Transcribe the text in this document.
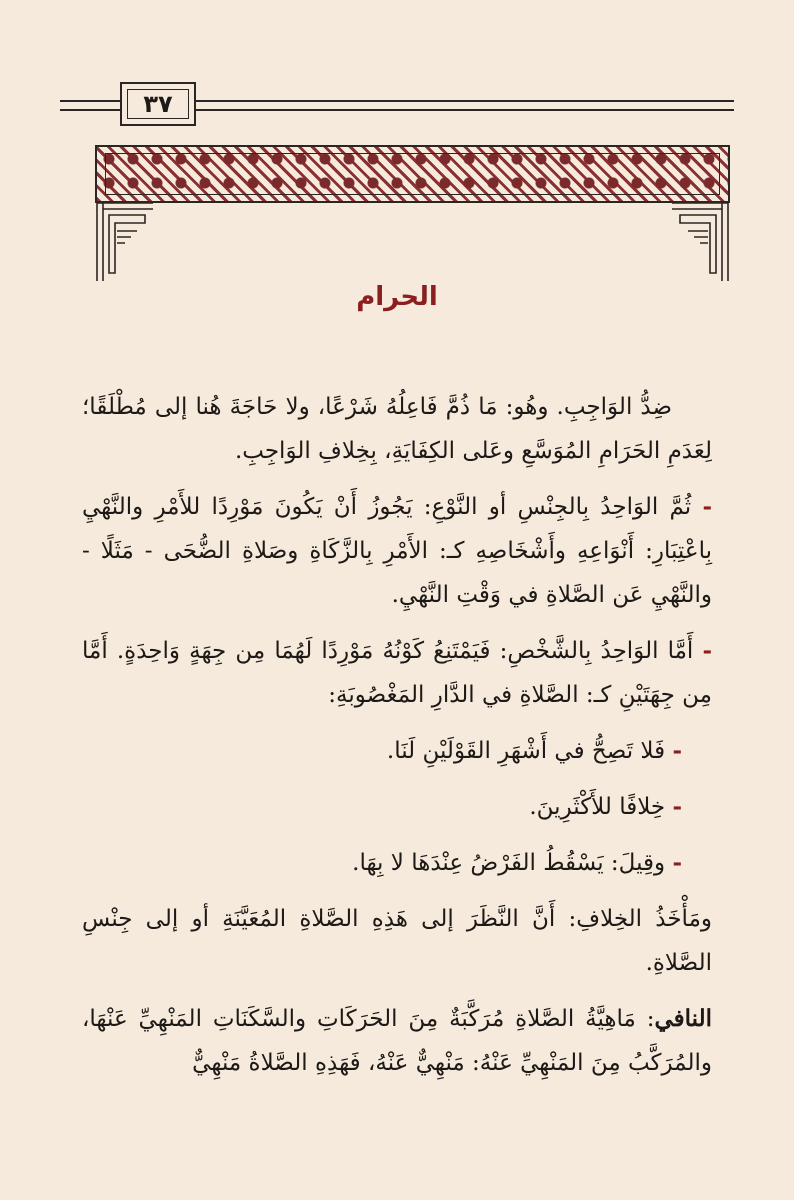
٣٧
الحرام

ضِدُّ الوَاجِبِ. وهُو: مَا ذُمَّ فَاعِلُهُ شَرْعًا، ولا حَاجَةَ هُنا إلى مُطْلَقًا؛ لِعَدَمِ الحَرَامِ المُوَسَّعِ وعَلى الكِفَايَةِ، بِخِلافِ الوَاجِبِ.

- ثُمَّ الوَاحِدُ بِالجِنْسِ أو النَّوْعِ: يَجُوزُ أَنْ يَكُونَ مَوْرِدًا للأَمْرِ والنَّهْيِ بِاعْتِبَارِ: أَنْوَاعِهِ وأَشْخَاصِهِ كـ: الأَمْرِ بِالزَّكَاةِ وصَلاةِ الضُّحَى - مَثَلًا - والنَّهْيِ عَن الصَّلاةِ في وَقْتِ النَّهْيِ.

- أَمَّا الوَاحِدُ بِالشَّخْصِ: فَيَمْتَنِعُ كَوْنُهُ مَوْرِدًا لَهُمَا مِن جِهَةٍ وَاحِدَةٍ. أَمَّا مِن جِهَتَيْنِ كـ: الصَّلاةِ في الدَّارِ المَغْصُوبَةِ:

- فَلا تَصِحُّ في أَشْهَرِ القَوْلَيْنِ لَنَا.

- خِلافًا للأَكْثَرِينَ.

- وقِيلَ: يَسْقُطُ الفَرْضُ عِنْدَهَا لا بِهَا.

ومَأْخَذُ الخِلافِ: أَنَّ النَّظَرَ إلى هَذِهِ الصَّلاةِ المُعَيَّنَةِ أو إلى جِنْسِ الصَّلاةِ.

النافي: مَاهِيَّةُ الصَّلاةِ مُرَكَّبَةٌ مِنَ الحَرَكَاتِ والسَّكَنَاتِ المَنْهِيِّ عَنْهَا، والمُرَكَّبُ مِنَ المَنْهِيِّ عَنْهُ: مَنْهِيٌّ عَنْهُ، فَهَذِهِ الصَّلاةُ مَنْهِيٌّ
